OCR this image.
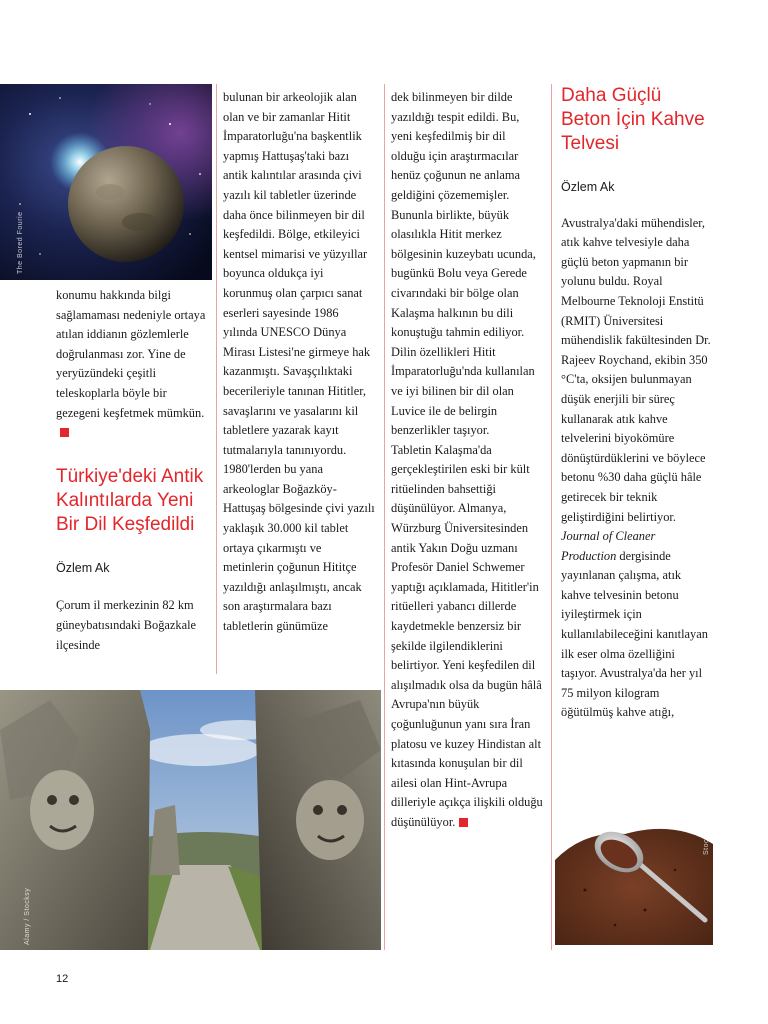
The Bored Fourie

konumu hakkında bilgi sağlamaması nedeniyle ortaya atılan iddianın gözlemlerle doğrulanması zor. Yine de yeryüzündeki çeşitli teleskoplarla böyle bir gezegeni keşfetmek mümkün.

Türkiye'deki Antik Kalıntılarda Yeni Bir Dil Keşfedildi
Özlem Ak

Çorum il merkezinin 82 km güneybatısındaki Boğazkale ilçesinde

bulunan bir arkeolojik alan olan ve bir zamanlar Hitit İmparatorluğu'na başkentlik yapmış Hattuşaş'taki bazı antik kalıntılar arasında çivi yazılı kil tabletler üzerinde daha önce bilinmeyen bir dil keşfedildi. Bölge, etkileyici kentsel mimarisi ve yüzyıllar boyunca oldukça iyi korunmuş olan çarpıcı sanat eserleri sayesinde 1986 yılında UNESCO Dünya Mirası Listesi'ne girmeye hak kazanmıştı. Savaşçılıktaki becerileriyle tanınan Hititler, savaşlarını ve yasalarını kil tabletlere yazarak kayıt tutmalarıyla tanınıyordu. 1980'lerden bu yana arkeologlar Boğazköy-Hattuşaş bölgesinde çivi yazılı yaklaşık 30.000 kil tablet ortaya çıkarmıştı ve metinlerin çoğunun Hititçe yazıldığı anlaşılmıştı, ancak son araştırmalara bazı tabletlerin günümüze

Alamy / Stocksy

dek bilinmeyen bir dilde yazıldığı tespit edildi. Bu, yeni keşfedilmiş bir dil olduğu için araştırmacılar henüz çoğunun ne anlama geldiğini çözememişler. Bununla birlikte, büyük olasılıkla Hitit merkez bölgesinin kuzeybatı ucunda, bugünkü Bolu veya Gerede civarındaki bir bölge olan Kalaşma halkının bu dili konuştuğu tahmin ediliyor. Dilin özellikleri Hitit İmparatorluğu'nda kullanılan ve iyi bilinen bir dil olan Luvice ile de belirgin benzerlikler taşıyor.

Tabletin Kalaşma'da gerçekleştirilen eski bir kült ritüelinden bahsettiği düşünülüyor. Almanya, Würzburg Üniversitesinden antik Yakın Doğu uzmanı Profesör Daniel Schwemer yaptığı açıklamada, Hititler'in ritüelleri yabancı dillerde kaydetmekle benzersiz bir şekilde ilgilendiklerini belirtiyor. Yeni keşfedilen dil alışılmadık olsa da bugün hâlâ Avrupa'nın büyük çoğunluğunun yanı sıra İran platosu ve kuzey Hindistan alt kıtasında konuşulan bir dil ailesi olan Hint-Avrupa dilleriyle açıkça ilişkili olduğu düşünülüyor.

Daha Güçlü Beton İçin Kahve Telvesi
Özlem Ak

Avustralya'daki mühendisler, atık kahve telvesiyle daha güçlü beton yapmanın bir yolunu buldu. Royal Melbourne Teknoloji Enstitü (RMIT) Üniversitesi mühendislik fakültesinden Dr. Rajeev Roychand, ekibin 350 °C'ta, oksijen bulunmayan düşük enerjili bir süreç kullanarak atık kahve telvelerini biyokömüre dönüştürdüklerini ve böylece betonu %30 daha güçlü hâle getirecek bir teknik geliştirdiğini belirtiyor. Journal of Cleaner Production dergisinde yayınlanan çalışma, atık kahve telvesinin betonu iyileştirmek için kullanılabileceğini kanıtlayan ilk eser olma özelliğini taşıyor. Avustralya'da her yıl 75 milyon kilogram öğütülmüş kahve atığı,

Stocksy
12
